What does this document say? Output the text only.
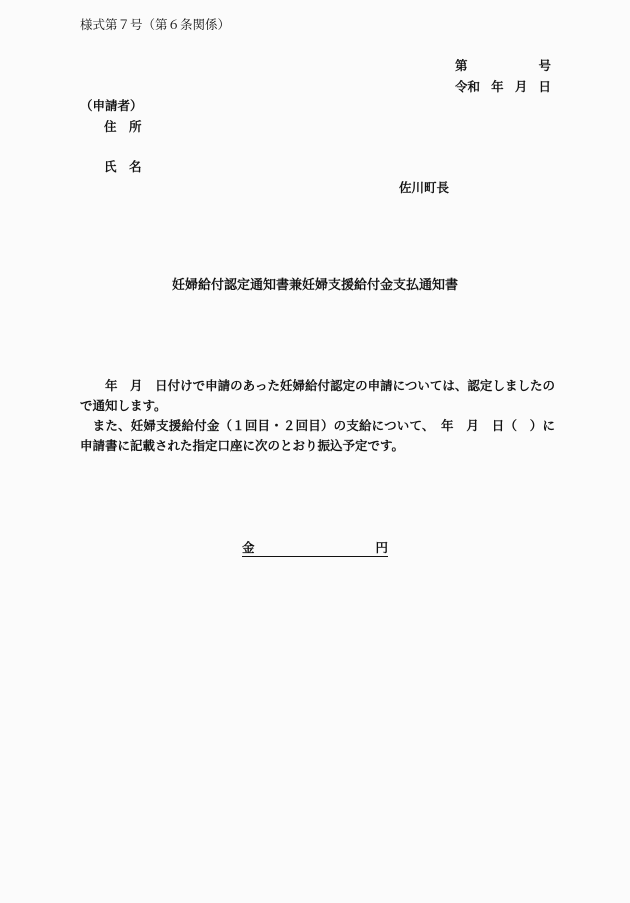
様式第７号（第６条関係）
第	号
令和 年 月 日
（申請者）
住　所
氏　名
佐川町長
妊婦給付認定通知書兼妊婦支援給付金支払通知書

　　年　月　日付けで申請のあった妊婦給付認定の申請については、認定しましたので通知します。

　また、妊婦支援給付金（１回目・２回目）の支給について、　年　月　日（　）に申請書に記載された指定口座に次のとおり振込予定です。

金	円
